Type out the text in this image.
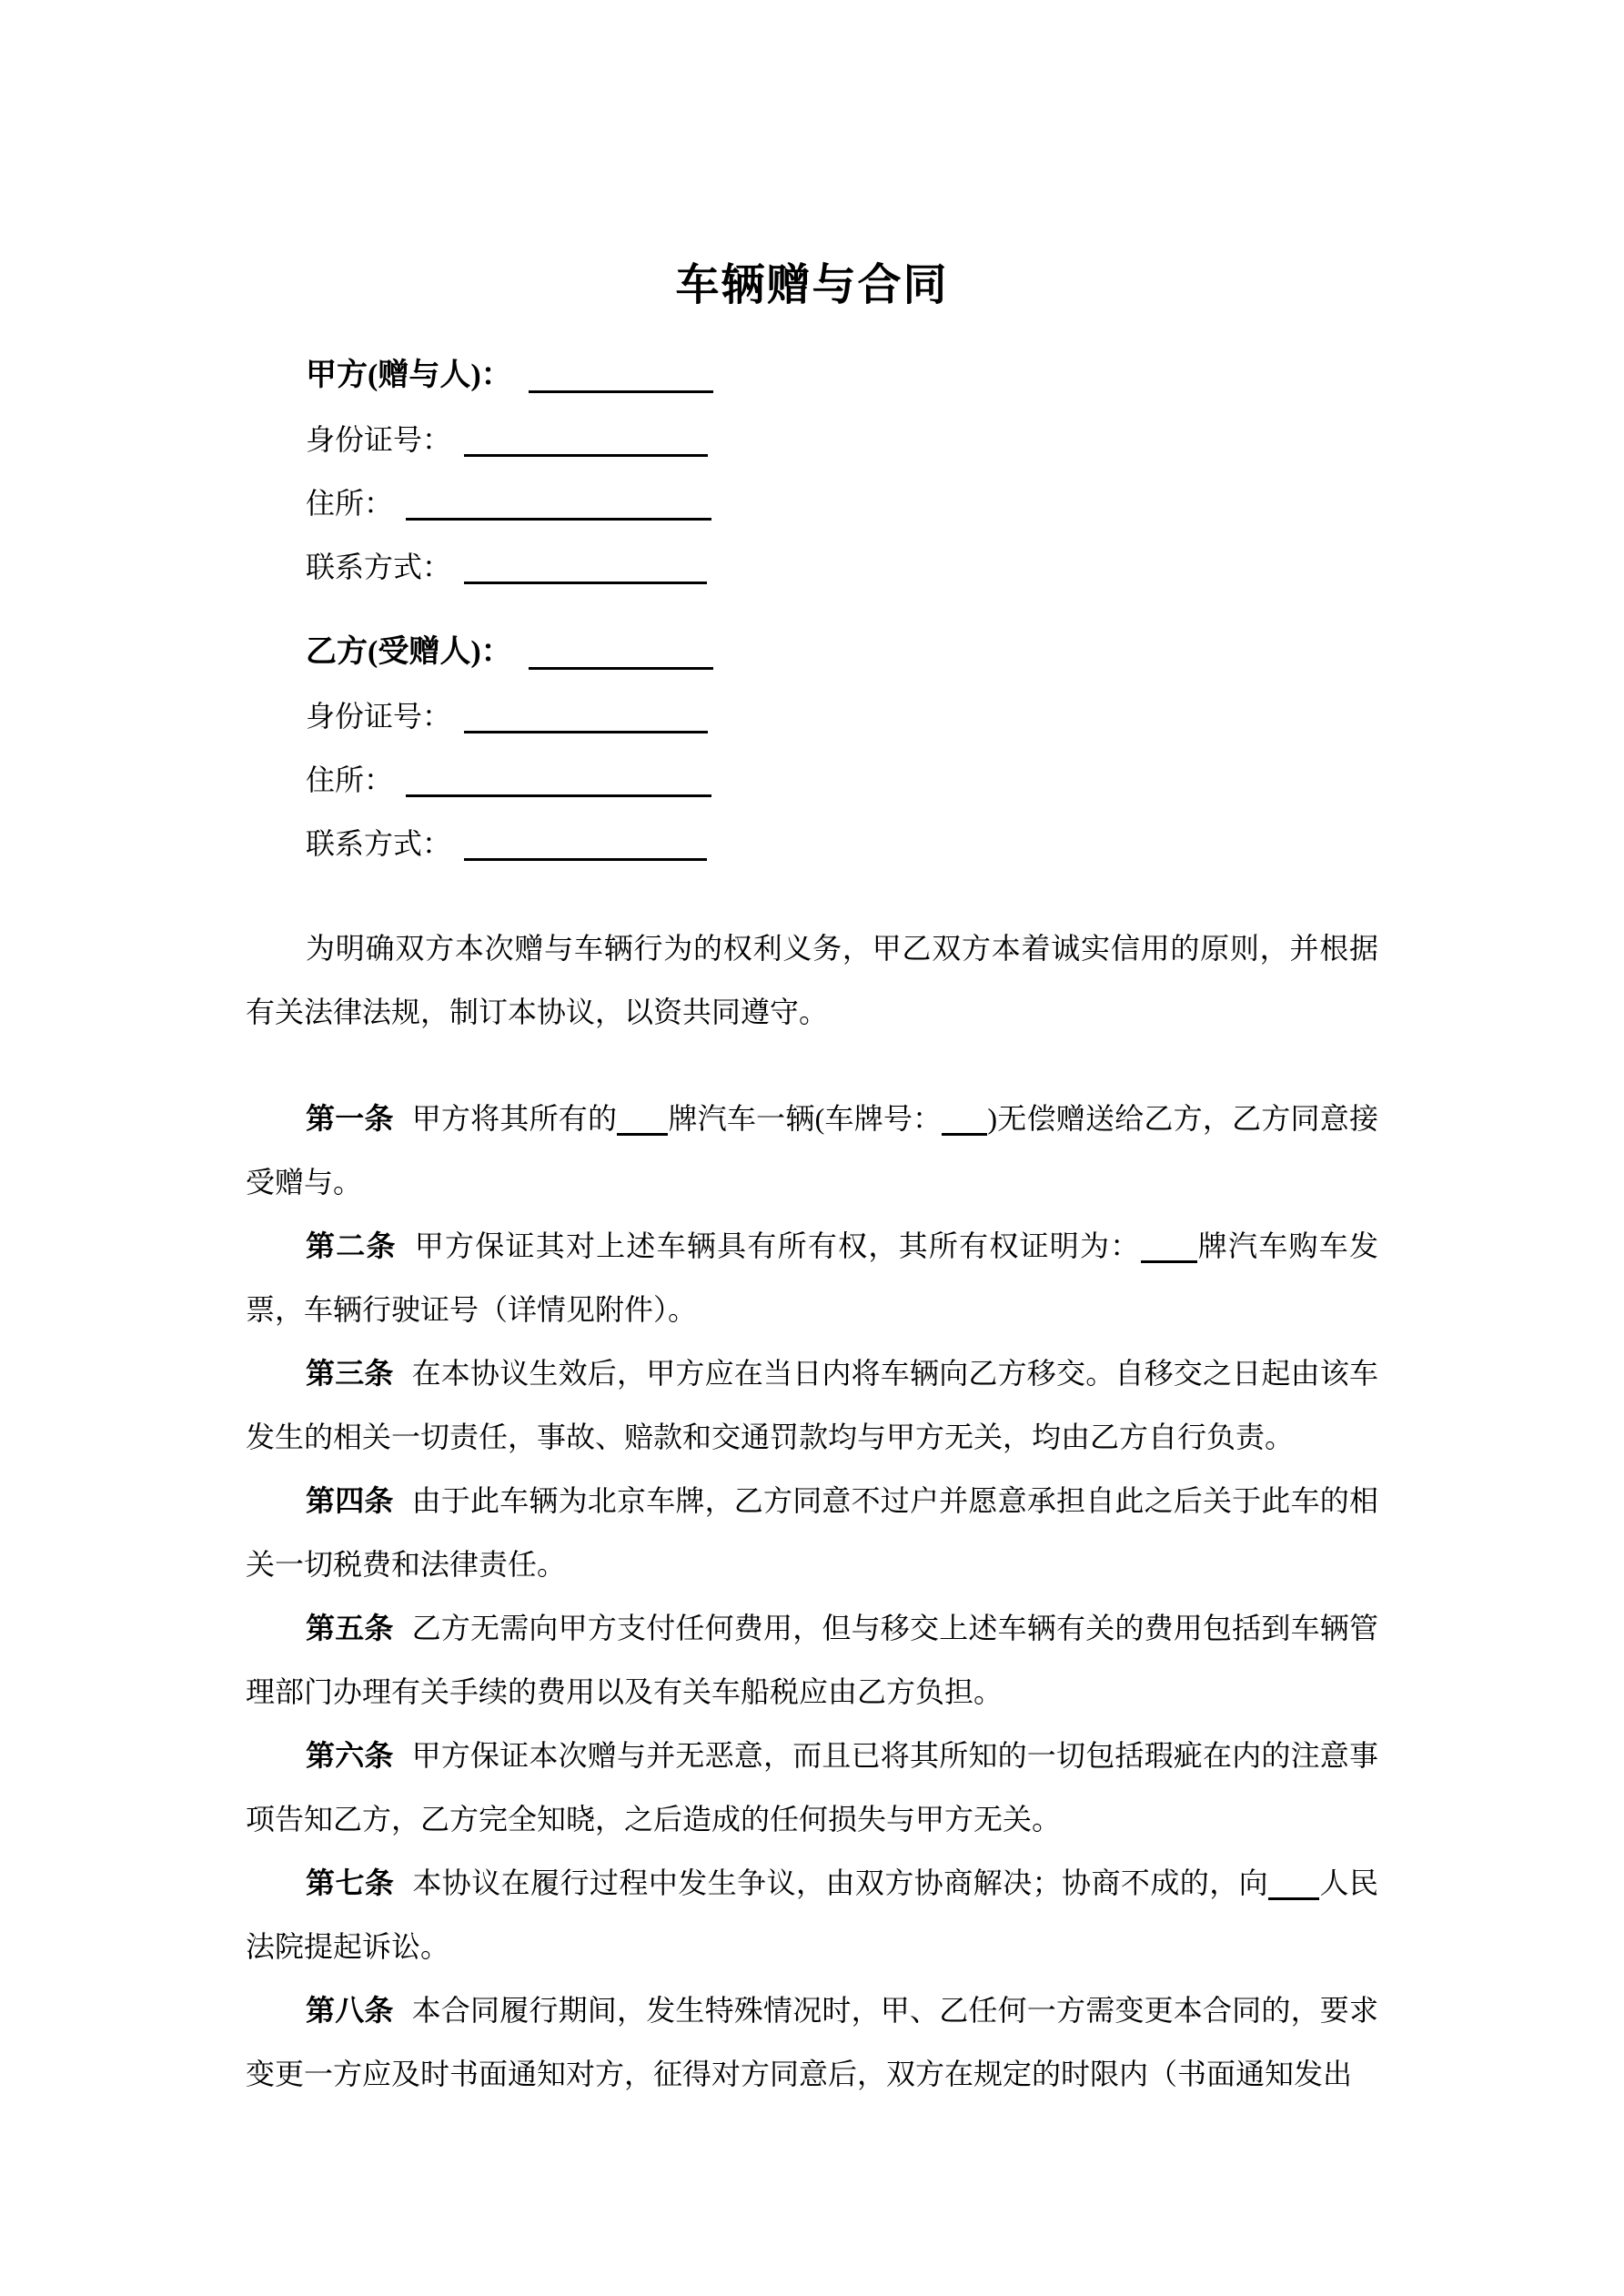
车辆赠与合同
甲方(赠与人)：
身份证号：
住所：
联系方式：
乙方(受赠人)：
身份证号：
住所：
联系方式：

为明确双方本次赠与车辆行为的权利义务，甲乙双方本着诚实信用的原则，并根据有关法律法规，制订本协议，以资共同遵守。

第一条 甲方将其所有的 牌汽车一辆(车牌号： )无偿赠送给乙方，乙方同意接受赠与。

第二条 甲方保证其对上述车辆具有所有权，其所有权证明为： 牌汽车购车发票，车辆行驶证号（详情见附件）。

第三条 在本协议生效后，甲方应在当日内将车辆向乙方移交。自移交之日起由该车发生的相关一切责任，事故、赔款和交通罚款均与甲方无关，均由乙方自行负责。

第四条 由于此车辆为北京车牌，乙方同意不过户并愿意承担自此之后关于此车的相关一切税费和法律责任。

第五条 乙方无需向甲方支付任何费用，但与移交上述车辆有关的费用包括到车辆管理部门办理有关手续的费用以及有关车船税应由乙方负担。

第六条 甲方保证本次赠与并无恶意，而且已将其所知的一切包括瑕疵在内的注意事项告知乙方，乙方完全知晓，之后造成的任何损失与甲方无关。

第七条 本协议在履行过程中发生争议，由双方协商解决；协商不成的，向 人民法院提起诉讼。

第八条 本合同履行期间，发生特殊情况时，甲、乙任何一方需变更本合同的，要求变更一方应及时书面通知对方，征得对方同意后，双方在规定的时限内（书面通知发出
